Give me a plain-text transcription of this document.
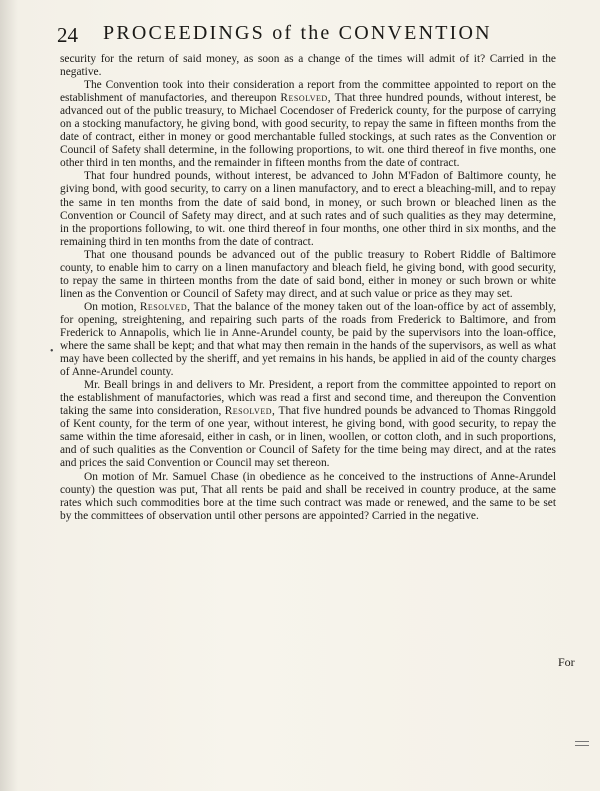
24 PROCEEDINGS of the CONVENTION
•

security for the return of said money, as soon as a change of the times will admit of it? Carried in the negative.

The Convention took into their consideration a report from the committee appointed to report on the establishment of manufactories, and thereupon Resolved, That three hundred pounds, without interest, be advanced out of the public treasury, to Michael Cocendoser of Frederick county, for the purpose of carrying on a stocking manufactory, he giving bond, with good security, to repay the same in fifteen months from the date of contract, either in money or good merchantable fulled stockings, at such rates as the Convention or Council of Safety shall determine, in the following proportions, to wit. one third thereof in five months, one other third in ten months, and the remainder in fifteen months from the date of contract.

That four hundred pounds, without interest, be advanced to John M'Fadon of Baltimore county, he giving bond, with good security, to carry on a linen manufactory, and to erect a bleaching-mill, and to repay the same in ten months from the date of said bond, in money, or such brown or bleached linen as the Convention or Council of Safety may direct, and at such rates and of such qualities as they may determine, in the proportions following, to wit. one third thereof in four months, one other third in six months, and the remaining third in ten months from the date of contract.

That one thousand pounds be advanced out of the public treasury to Robert Riddle of Baltimore county, to enable him to carry on a linen manufactory and bleach field, he giving bond, with good security, to repay the same in thirteen months from the date of said bond, either in money or such brown or white linen as the Convention or Council of Safety may direct, and at such value or price as they may set.

On motion, Resolved, That the balance of the money taken out of the loan-office by act of assembly, for opening, streightening, and repairing such parts of the roads from Frederick to Baltimore, and from Frederick to Annapolis, which lie in Anne-Arundel county, be paid by the supervisors into the loan-office, where the same shall be kept; and that what may then remain in the hands of the supervisors, as well as what may have been collected by the sheriff, and yet remains in his hands, be applied in aid of the county charges of Anne-Arundel county.

Mr. Beall brings in and delivers to Mr. President, a report from the committee appointed to report on the establishment of manufactories, which was read a first and second time, and thereupon the Convention taking the same into consideration, Resolved, That five hundred pounds be advanced to Thomas Ringgold of Kent county, for the term of one year, without interest, he giving bond, with good security, to repay the same within the time aforesaid, either in cash, or in linen, woollen, or cotton cloth, and in such proportions, and of such qualities as the Convention or Council of Safety for the time being may direct, and at the rates and prices the said Convention or Council may set thereon.

On motion of Mr. Samuel Chase (in obedience as he conceived to the instructions of Anne-Arundel county) the question was put, That all rents be paid and shall be received in country produce, at the same rates which such commodities bore at the time such contract was made or renewed, and the same to be set by the committees of observation until other persons are appointed? Carried in the negative.

For
